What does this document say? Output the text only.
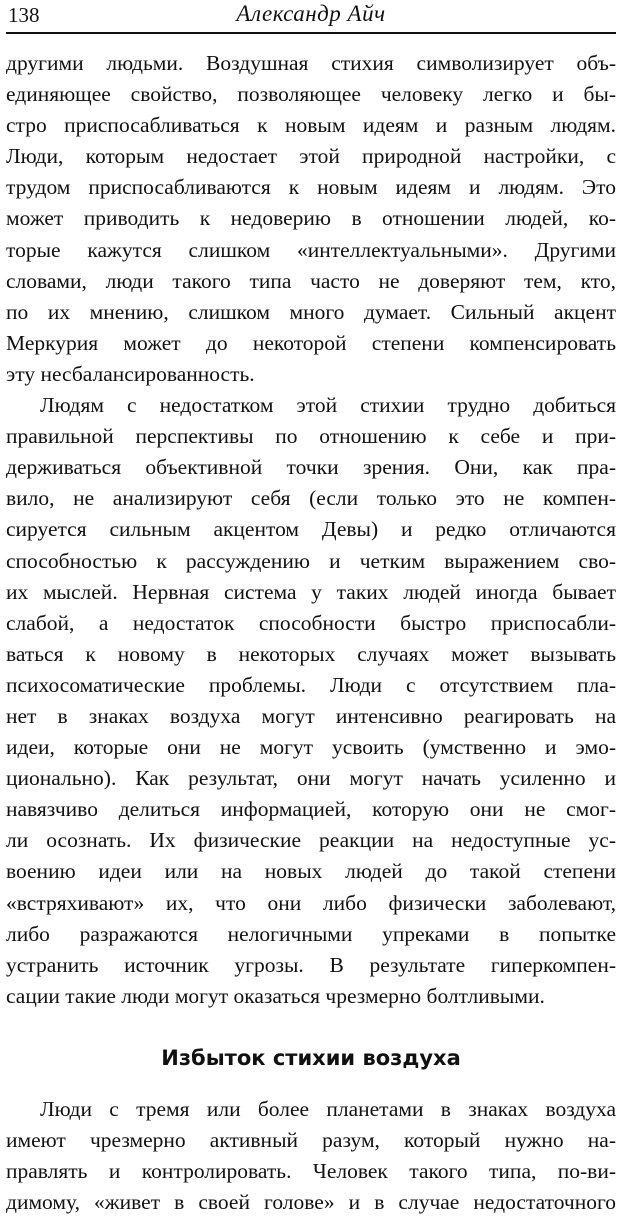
138	Александр Айч
другими людьми. Воздушная стихия символизирует объ-
единяющее свойство, позволяющее человеку легко и бы-
стро приспосабливаться к новым идеям и разным людям.
Люди, которым недостает этой природной настройки, с
трудом приспосабливаются к новым идеям и людям. Это
может приводить к недоверию в отношении людей, ко-
торые кажутся слишком «интеллектуальными». Другими
словами, люди такого типа часто не доверяют тем, кто,
по их мнению, слишком много думает. Сильный акцент
Меркурия может до некоторой степени компенсировать
эту несбалансированность.
Людям с недостатком этой стихии трудно добиться
правильной перспективы по отношению к себе и при-
держиваться объективной точки зрения. Они, как пра-
вило, не анализируют себя (если только это не компен-
сируется сильным акцентом Девы) и редко отличаются
способностью к рассуждению и четким выражением сво-
их мыслей. Нервная система у таких людей иногда бывает
слабой, а недостаток способности быстро приспосабли-
ваться к новому в некоторых случаях может вызывать
психосоматические проблемы. Люди с отсутствием пла-
нет в знаках воздуха могут интенсивно реагировать на
идеи, которые они не могут усвоить (умственно и эмо-
ционально). Как результат, они могут начать усиленно и
навязчиво делиться информацией, которую они не смог-
ли осознать. Их физические реакции на недоступные ус-
воению идеи или на новых людей до такой степени
«встряхивают» их, что они либо физически заболевают,
либо разражаются нелогичными упреками в попытке
устранить источник угрозы. В результате гиперкомпен-
сации такие люди могут оказаться чрезмерно болтливыми.
Избыток стихии воздуха
Люди с тремя или более планетами в знаках воздуха
имеют чрезмерно активный разум, который нужно на-
правлять и контролировать. Человек такого типа, по-ви-
димому, «живет в своей голове» и в случае недостаточного
